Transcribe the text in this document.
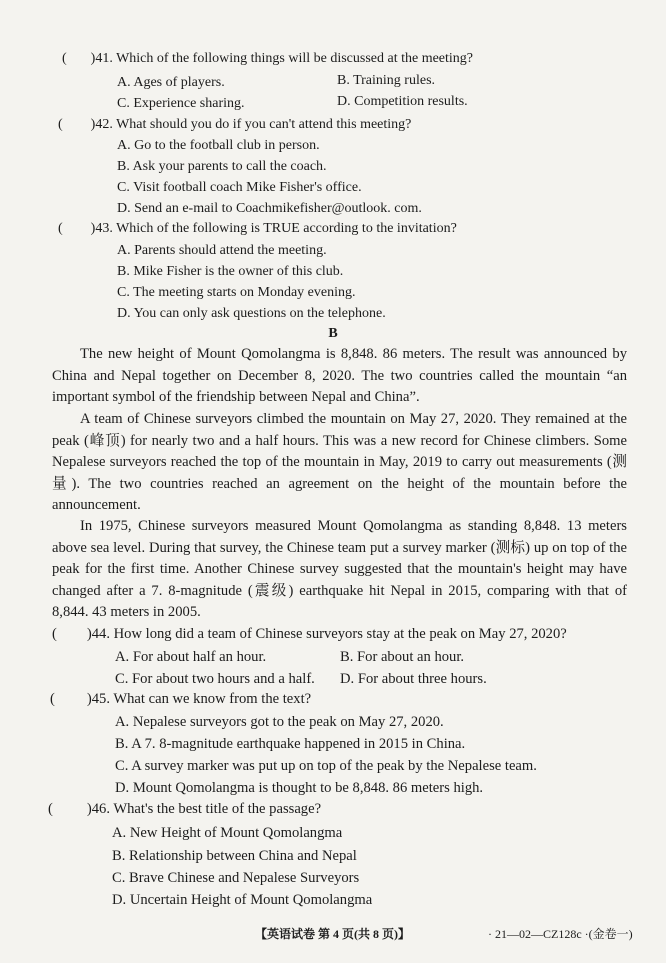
( )41. Which of the following things will be discussed at the meeting?
A. Ages of players.	B. Training rules.
C. Experience sharing.	D. Competition results.
( )42. What should you do if you can't attend this meeting?
A. Go to the football club in person.
B. Ask your parents to call the coach.
C. Visit football coach Mike Fisher's office.
D. Send an e-mail to Coachmikefisher@outlook. com.
( )43. Which of the following is TRUE according to the invitation?
A. Parents should attend the meeting.
B. Mike Fisher is the owner of this club.
C. The meeting starts on Monday evening.
D. You can only ask questions on the telephone.
B
The new height of Mount Qomolangma is 8,848. 86 meters. The result was announced by China and Nepal together on December 8, 2020. The two countries called the mountain “an important symbol of the friendship between Nepal and China”.
A team of Chinese surveyors climbed the mountain on May 27, 2020. They remained at the peak (峰顶) for nearly two and a half hours. This was a new record for Chinese climbers. Some Nepalese surveyors reached the top of the mountain in May, 2019 to carry out measurements (测量). The two countries reached an agreement on the height of the mountain before the announcement.
In 1975, Chinese surveyors measured Mount Qomolangma as standing 8,848. 13 meters above sea level. During that survey, the Chinese team put a survey marker (测标) up on top of the peak for the first time. Another Chinese survey suggested that the mountain's height may have changed after a 7. 8-magnitude (震级) earthquake hit Nepal in 2015, comparing with that of 8,844. 43 meters in 2005.
( )44. How long did a team of Chinese surveyors stay at the peak on May 27, 2020?
A. For about half an hour.	B. For about an hour.
C. For about two hours and a half. D. For about three hours.
( )45. What can we know from the text?
A. Nepalese surveyors got to the peak on May 27, 2020.
B. A 7. 8-magnitude earthquake happened in 2015 in China.
C. A survey marker was put up on top of the peak by the Nepalese team.
D. Mount Qomolangma is thought to be 8,848. 86 meters high.
( )46. What's the best title of the passage?
A. New Height of Mount Qomolangma
B. Relationship between China and Nepal
C. Brave Chinese and Nepalese Surveyors
D. Uncertain Height of Mount Qomolangma
【英语试卷 第 4 页(共 8 页)】	· 21—02—CZ128c ·(金卷一)
